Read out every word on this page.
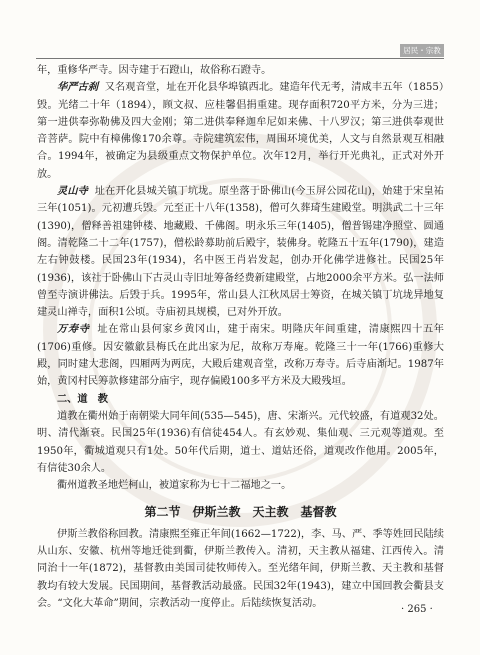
居民・宗教

年，重修华严寺。因寺建于石蹬山，故俗称石蹬寺。

华严古刹 又名观音堂，址在开化县华埠镇西北。建造年代无考，清咸丰五年（1855）毁。光绪二十年（1894），顾文叔、应桂馨倡捐重建。现存面积720平方米，分为三进；第一进供奉弥勒佛及四大金刚；第二进供奉释迦牟尼如来佛、十八罗汉；第三进供奉观世音菩萨。院中有樟佛像170余尊。寺院建筑宏伟，周围环境优美，人文与自然景观互相融合。1994年，被确定为县级重点文物保护单位。次年12月，举行开光典礼，正式对外开放。

灵山寺 址在开化县城关镇丁坑垅。原坐落于卧佛山(今玉屏公园花山)，始建于宋皇祐三年(1051)。元初遭兵毁。元至正十八年(1358)，僧可久葬琦生建殿堂。明洪武二十三年(1390)，僧释善祖建钟楼、地藏殿、千佛阁。明永乐三年(1405)，僧普锡建净照堂、圆通阁。清乾隆二十二年(1757)，僧松龄募助前后殿宇，装佛身。乾隆五十五年(1790)，建造左右钟鼓楼。民国23年(1934)，名中医王肖岩发起，创办开化佛学进修社。民国25年(1936)，该社于卧佛山下古灵山寺旧址筹备经费新建殿堂，占地2000余平方米。弘一法师曾至寺演讲佛法。后毁于兵。1995年，常山县人江秋凤居士筹资，在城关镇丁坑垅异地复建灵山禅寺，面积1公顷。寺庙初具规模，已对外开放。

万寿寺 址在常山县何家乡黄冈山，建于南宋。明隆庆年间重建，清康熙四十五年(1706)重修。因安徽歙县梅氏在此出家为尼，故称万寿庵。乾隆三十一年(1766)重修大殿，同时建大悲阁，四厢两为两庑，大殿后建观音堂，改称万寿寺。后寺庙渐圮。1987年始，黄冈村民筹款修建部分庙宇，现存偏殿100多平方米及大殿残垣。

二、道　教

道教在衢州始于南朝梁大同年间(535—545)，唐、宋渐兴。元代较盛，有道观32处。明、清代渐衰。民国25年(1936)有信徒454人。有玄妙观、集仙观、三元观等道观。至1950年，衢城道观只有1处。50年代后期，道士、道姑还俗，道观改作他用。2005年，有信徒30余人。

衢州道教圣地烂柯山，被道家称为七十二福地之一。

第二节　伊斯兰教　天主教　基督教

伊斯兰教俗称回教。清康熙至雍正年间(1662—1722)，李、马、严、季等姓回民陆续从山东、安徽、杭州等地迁徙到衢，伊斯兰教传入。清初，天主教从福建、江西传入。清同治十一年(1872)，基督教由美国司徒牧师传入。至光绪年间，伊斯兰教、天主教和基督教均有较大发展。民国期间，基督教活动最盛。民国32年(1943)，建立中国回教会衢县支会。“文化大革命”期间，宗教活动一度停止。后陆续恢复活动。

· 265 ·
